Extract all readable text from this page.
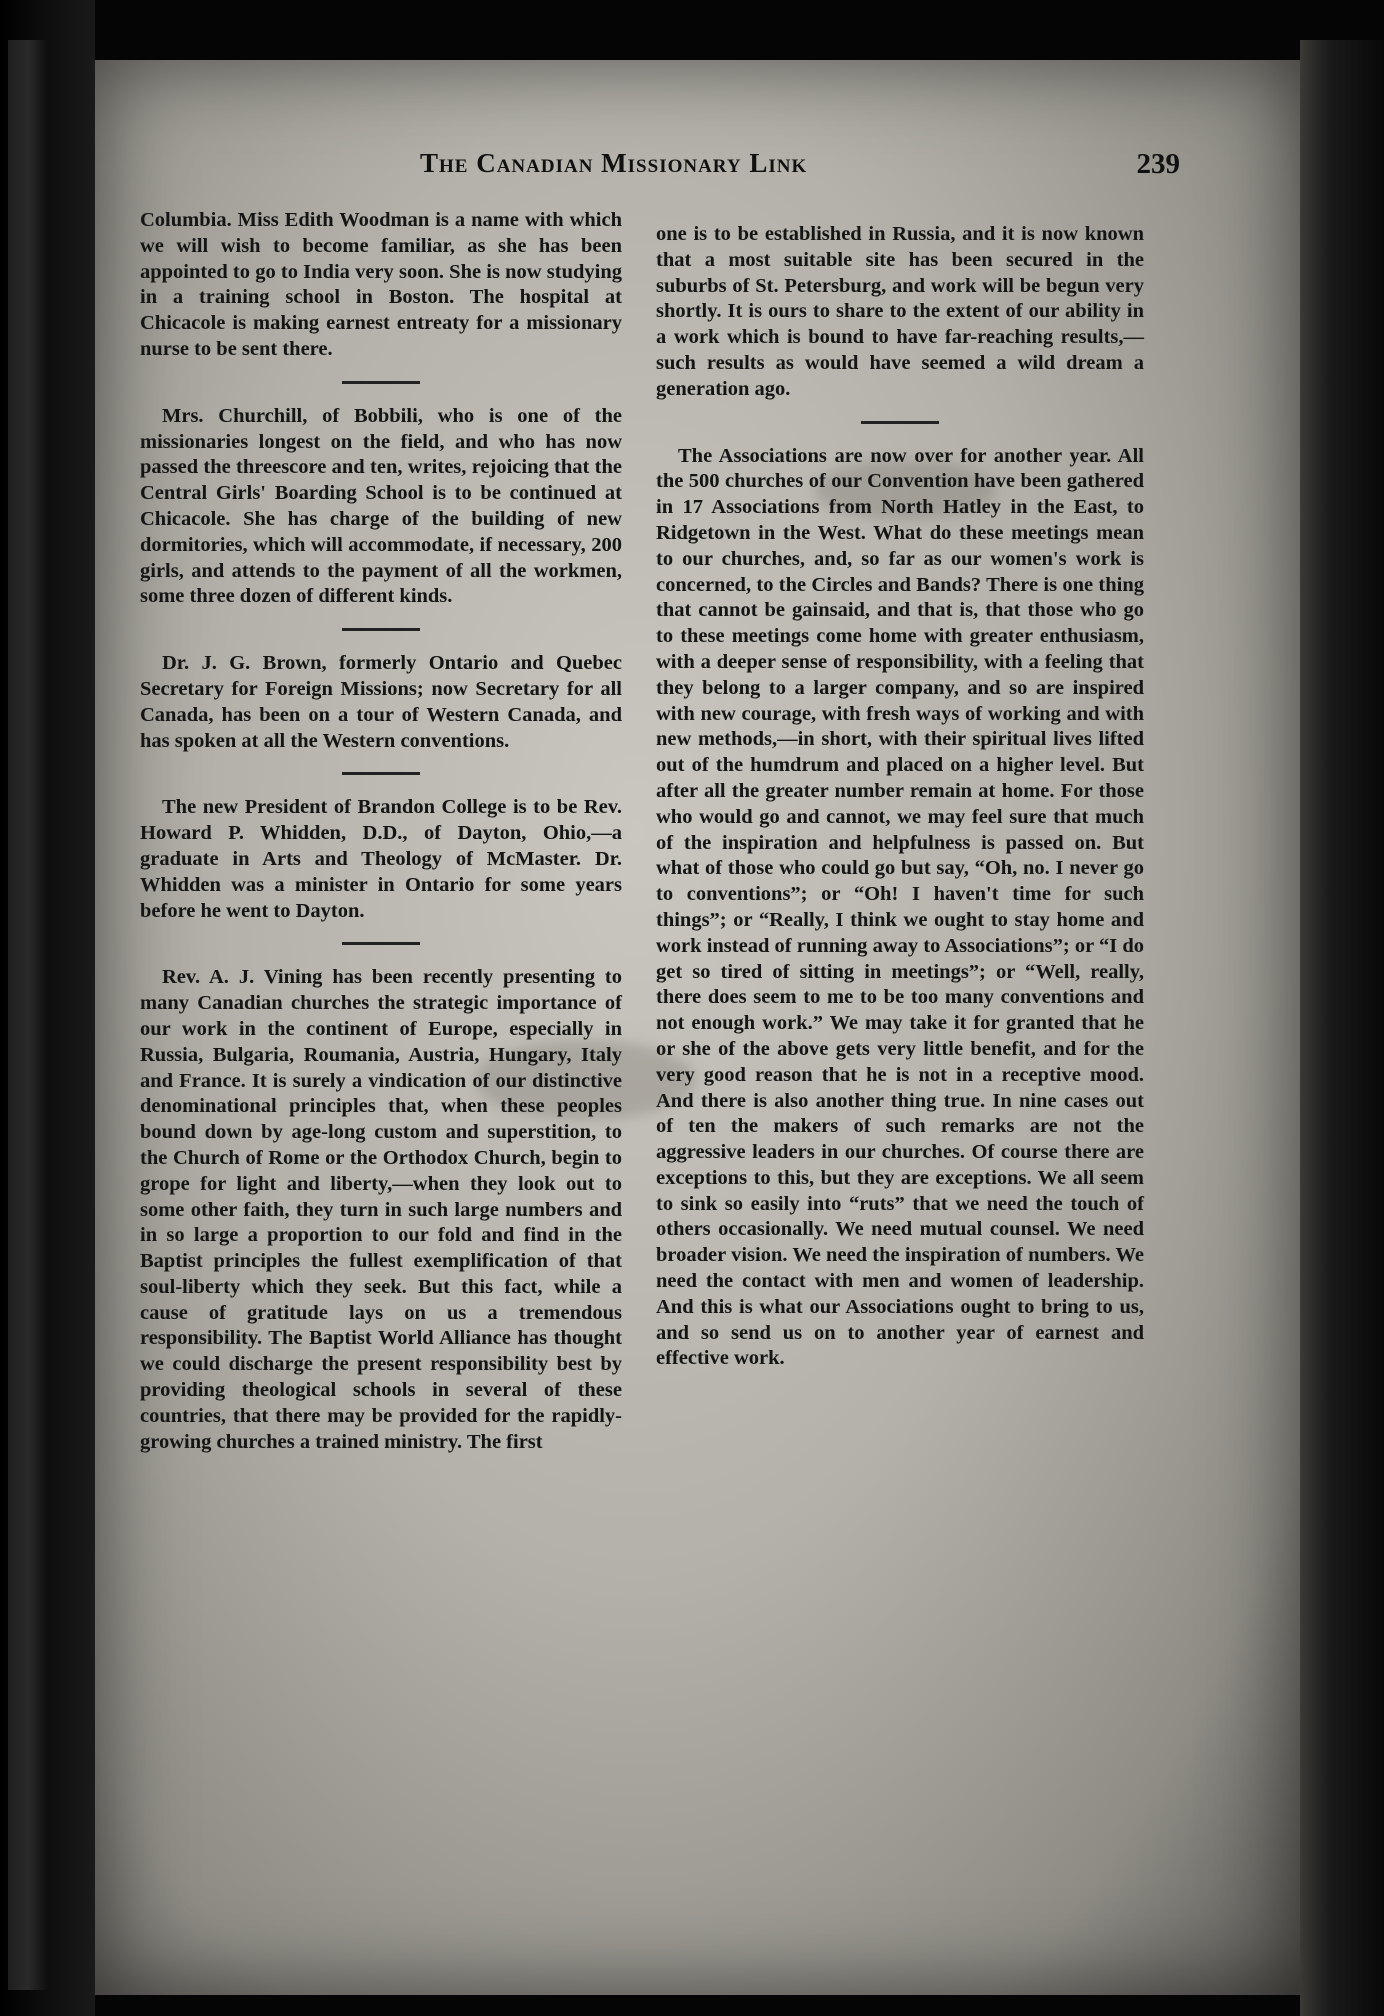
The Canadian Missionary Link	239

Columbia. Miss Edith Woodman is a name with which we will wish to become familiar, as she has been appointed to go to India very soon. She is now studying in a training school in Boston. The hospital at Chicacole is making earnest entreaty for a missionary nurse to be sent there.

Mrs. Churchill, of Bobbili, who is one of the missionaries longest on the field, and who has now passed the threescore and ten, writes, rejoicing that the Central Girls' Boarding School is to be continued at Chicacole. She has charge of the building of new dormitories, which will accommodate, if necessary, 200 girls, and attends to the payment of all the workmen, some three dozen of different kinds.

Dr. J. G. Brown, formerly Ontario and Quebec Secretary for Foreign Missions; now Secretary for all Canada, has been on a tour of Western Canada, and has spoken at all the Western conventions.

The new President of Brandon College is to be Rev. Howard P. Whidden, D.D., of Dayton, Ohio,—a graduate in Arts and Theology of McMaster. Dr. Whidden was a minister in Ontario for some years before he went to Dayton.

Rev. A. J. Vining has been recently presenting to many Canadian churches the strategic importance of our work in the continent of Europe, especially in Russia, Bulgaria, Roumania, Austria, Hungary, Italy and France. It is surely a vindication of our distinctive denominational principles that, when these peoples bound down by age-long custom and superstition, to the Church of Rome or the Orthodox Church, begin to grope for light and liberty,—when they look out to some other faith, they turn in such large numbers and in so large a proportion to our fold and find in the Baptist principles the fullest exemplification of that soul-liberty which they seek. But this fact, while a cause of gratitude lays on us a tremendous responsibility. The Baptist World Alliance has thought we could discharge the present responsibility best by providing theological schools in several of these countries, that there may be provided for the rapidly-growing churches a trained ministry. The first

one is to be established in Russia, and it is now known that a most suitable site has been secured in the suburbs of St. Petersburg, and work will be begun very shortly. It is ours to share to the extent of our ability in a work which is bound to have far-reaching results,—such results as would have seemed a wild dream a generation ago.

The Associations are now over for another year. All the 500 churches of our Convention have been gathered in 17 Associations from North Hatley in the East, to Ridgetown in the West. What do these meetings mean to our churches, and, so far as our women's work is concerned, to the Circles and Bands? There is one thing that cannot be gainsaid, and that is, that those who go to these meetings come home with greater enthusiasm, with a deeper sense of responsibility, with a feeling that they belong to a larger company, and so are inspired with new courage, with fresh ways of working and with new methods,—in short, with their spiritual lives lifted out of the humdrum and placed on a higher level. But after all the greater number remain at home. For those who would go and cannot, we may feel sure that much of the inspiration and helpfulness is passed on. But what of those who could go but say, “Oh, no. I never go to conventions”; or “Oh! I haven't time for such things”; or “Really, I think we ought to stay home and work instead of running away to Associations”; or “I do get so tired of sitting in meetings”; or “Well, really, there does seem to me to be too many conventions and not enough work.” We may take it for granted that he or she of the above gets very little benefit, and for the very good reason that he is not in a receptive mood. And there is also another thing true. In nine cases out of ten the makers of such remarks are not the aggressive leaders in our churches. Of course there are exceptions to this, but they are exceptions. We all seem to sink so easily into “ruts” that we need the touch of others occasionally. We need mutual counsel. We need broader vision. We need the inspiration of numbers. We need the contact with men and women of leadership. And this is what our Associations ought to bring to us, and so send us on to another year of earnest and effective work.
